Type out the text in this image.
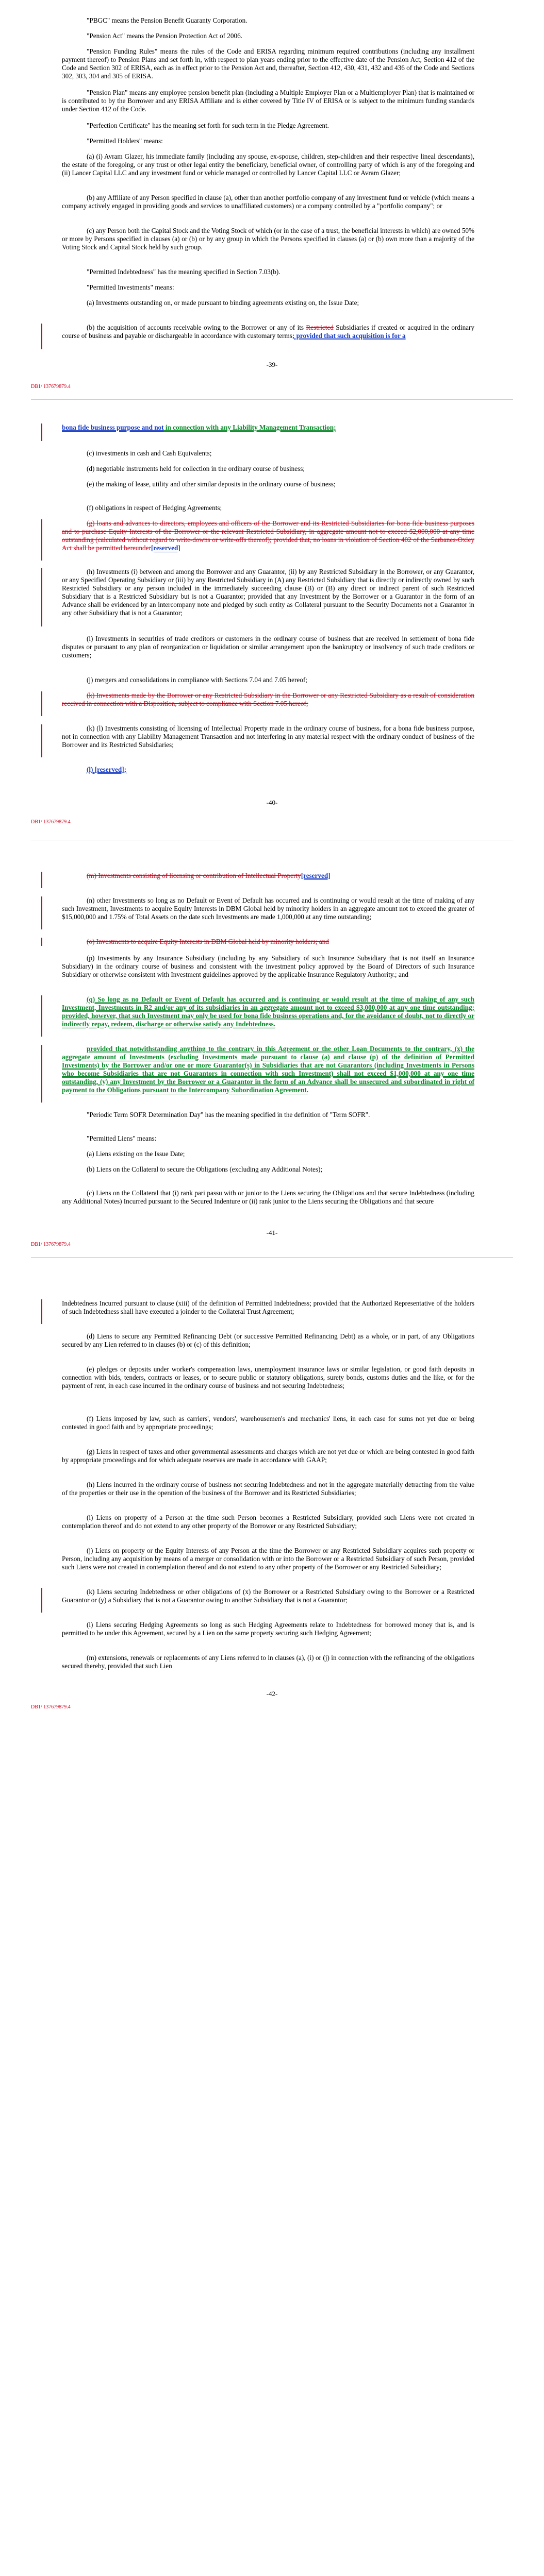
"PBGC" means the Pension Benefit Guaranty Corporation.
"Pension Act" means the Pension Protection Act of 2006.
"Pension Funding Rules" means the rules of the Code and ERISA regarding minimum required contributions (including any installment payment thereof) to Pension Plans and set forth in, with respect to plan years ending prior to the effective date of the Pension Act, Section 412 of the Code and Section 302 of ERISA, each as in effect prior to the Pension Act and, thereafter, Section 412, 430, 431, 432 and 436 of the Code and Sections 302, 303, 304 and 305 of ERISA.
"Pension Plan" means any employee pension benefit plan (including a Multiple Employer Plan or a Multiemployer Plan) that is maintained or is contributed to by the Borrower and any ERISA Affiliate and is either covered by Title IV of ERISA or is subject to the minimum funding standards under Section 412 of the Code.
"Perfection Certificate" has the meaning set forth for such term in the Pledge Agreement.
"Permitted Holders" means:
(a) (i) Avram Glazer, his immediate family (including any spouse, ex-spouse, children, step-children and their respective lineal descendants), the estate of the foregoing, or any trust or other legal entity the beneficiary, beneficial owner, of controlling party of which is any of the foregoing and (ii) Lancer Capital LLC and any investment fund or vehicle managed or controlled by Lancer Capital LLC or Avram Glazer;
(b) any Affiliate of any Person specified in clause (a), other than another portfolio company of any investment fund or vehicle (which means a company actively engaged in providing goods and services to unaffiliated customers) or a company controlled by a "portfolio company"; or
(c) any Person both the Capital Stock and the Voting Stock of which (or in the case of a trust, the beneficial interests in which) are owned 50% or more by Persons specified in clauses (a) or (b) or by any group in which the Persons specified in clauses (a) or (b) own more than a majority of the Voting Stock and Capital Stock held by such group.
"Permitted Indebtedness" has the meaning specified in Section 7.03(b).
"Permitted Investments" means:
(a) Investments outstanding on, or made pursuant to binding agreements existing on, the Issue Date;
(b) the acquisition of accounts receivable owing to the Borrower or any of its Restricted Subsidiaries if created or acquired in the ordinary course of business and payable or dischargeable in accordance with customary terms; provided that such acquisition is for a
-39-
DB1/ 137679879.4
bona fide business purpose and not in connection with any Liability Management Transaction;
(c) investments in cash and Cash Equivalents;
(d) negotiable instruments held for collection in the ordinary course of business;
(e) the making of lease, utility and other similar deposits in the ordinary course of business;
(f) obligations in respect of Hedging Agreements;
(g) loans and advances to directors, employees and officers of the Borrower and its Restricted Subsidiaries for bona fide business purposes and to purchase Equity Interests of the Borrower or the relevant Restricted Subsidiary, in aggregate amount not to exceed $2,000,000 at any time outstanding (calculated without regard to write-downs or write-offs thereof); provided that, no loans in violation of Section 402 of the Sarbanes-Oxley Act shall be permitted hereunder[reserved]
(h) Investments (i) between and among the Borrower and any Guarantor, (ii) by any Restricted Subsidiary in the Borrower, or any Guarantor, or any Specified Operating Subsidiary or (iii) by any Restricted Subsidiary in (A) any Restricted Subsidiary that is directly or indirectly owned by such Restricted Subsidiary or any person included in the immediately succeeding clause (B) or (B) any direct or indirect parent of such Restricted Subsidiary that is a Restricted Subsidiary but is not a Guarantor; provided that any Investment by the Borrower or a Guarantor in the form of an Advance shall be evidenced by an intercompany note and pledged by such entity as Collateral pursuant to the Security Documents not a Guarantor in any other Subsidiary that is not a Guarantor;
(i) Investments in securities of trade creditors or customers in the ordinary course of business that are received in settlement of bona fide disputes or pursuant to any plan of reorganization or liquidation or similar arrangement upon the bankruptcy or insolvency of such trade creditors or customers;
(j) mergers and consolidations in compliance with Sections 7.04 and 7.05 hereof;
(k) Investments made by the Borrower or any Restricted Subsidiary in the Borrower or any Restricted Subsidiary as a result of consideration received in connection with a Disposition, subject to compliance with Section 7.05 hereof;
(k) (l) Investments consisting of licensing of Intellectual Property made in the ordinary course of business, for a bona fide business purpose, not in connection with any Liability Management Transaction and not interfering in any material respect with the ordinary conduct of business of the Borrower and its Restricted Subsidiaries;
(l) [reserved];
-40-
DB1/ 137679879.4
(m) Investments consisting of licensing or contribution of Intellectual Property[reserved]
(n) other Investments so long as no Default or Event of Default has occurred and is continuing or would result at the time of making of any such Investment, Investments to acquire Equity Interests in DBM Global held by minority holders in an aggregate amount not to exceed the greater of $15,000,000 and 1.75% of Total Assets on the date such Investments are made 1,000,000 at any time outstanding;
(o) Investments to acquire Equity Interests in DBM Global held by minority holders; and
(p) Investments by any Insurance Subsidiary (including by any Subsidiary of such Insurance Subsidiary that is not itself an Insurance Subsidiary) in the ordinary course of business and consistent with the investment policy approved by the Board of Directors of such Insurance Subsidiary or otherwise consistent with Investment guidelines approved by the applicable Insurance Regulatory Authority.; and
(q) So long as no Default or Event of Default has occurred and is continuing or would result at the time of making of any such Investment, Investments in R2 and/or any of its subsidiaries in an aggregate amount not to exceed $3,000,000 at any one time outstanding; provided, however, that such Investment may only be used for bona fide business operations and, for the avoidance of doubt, not to directly or indirectly repay, redeem, discharge or otherwise satisfy any Indebtedness.
provided that notwithstanding anything to the contrary in this Agreement or the other Loan Documents to the contrary, (x) the aggregate amount of Investments (excluding Investments made pursuant to clause (a) and clause (p) of the definition of Permitted Investments) by the Borrower and/or one or more Guarantor(s) in Subsidiaries that are not Guarantors (including Investments in Persons who become Subsidiaries that are not Guarantors in connection with such Investment) shall not exceed $1,000,000 at any one time outstanding, (y) any Investment by the Borrower or a Guarantor in the form of an Advance shall be unsecured and subordinated in right of payment to the Obligations pursuant to the Intercompany Subordination Agreement.
"Periodic Term SOFR Determination Day" has the meaning specified in the definition of "Term SOFR".
"Permitted Liens" means:
(a) Liens existing on the Issue Date;
(b) Liens on the Collateral to secure the Obligations (excluding any Additional Notes);
(c) Liens on the Collateral that (i) rank pari passu with or junior to the Liens securing the Obligations and that secure Indebtedness (including any Additional Notes) Incurred pursuant to the Secured Indenture or (ii) rank junior to the Liens securing the Obligations and that secure
-41-
DB1/ 137679879.4
Indebtedness Incurred pursuant to clause (xiii) of the definition of Permitted Indebtedness; provided that the Authorized Representative of the holders of such Indebtedness shall have executed a joinder to the Collateral Trust Agreement;
(d) Liens to secure any Permitted Refinancing Debt (or successive Permitted Refinancing Debt) as a whole, or in part, of any Obligations secured by any Lien referred to in clauses (b) or (c) of this definition;
(e) pledges or deposits under worker's compensation laws, unemployment insurance laws or similar legislation, or good faith deposits in connection with bids, tenders, contracts or leases, or to secure public or statutory obligations, surety bonds, customs duties and the like, or for the payment of rent, in each case incurred in the ordinary course of business and not securing Indebtedness;
(f) Liens imposed by law, such as carriers', vendors', warehousemen's and mechanics' liens, in each case for sums not yet due or being contested in good faith and by appropriate proceedings;
(g) Liens in respect of taxes and other governmental assessments and charges which are not yet due or which are being contested in good faith by appropriate proceedings and for which adequate reserves are made in accordance with GAAP;
(h) Liens incurred in the ordinary course of business not securing Indebtedness and not in the aggregate materially detracting from the value of the properties or their use in the operation of the business of the Borrower and its Restricted Subsidiaries;
(i) Liens on property of a Person at the time such Person becomes a Restricted Subsidiary, provided such Liens were not created in contemplation thereof and do not extend to any other property of the Borrower or any Restricted Subsidiary;
(j) Liens on property or the Equity Interests of any Person at the time the Borrower or any Restricted Subsidiary acquires such property or Person, including any acquisition by means of a merger or consolidation with or into the Borrower or a Restricted Subsidiary of such Person, provided such Liens were not created in contemplation thereof and do not extend to any other property of the Borrower or any Restricted Subsidiary;
(k) Liens securing Indebtedness or other obligations of (x) the Borrower or a Restricted Subsidiary owing to the Borrower or a Restricted Guarantor or (y) a Subsidiary that is not a Guarantor owing to another Subsidiary that is not a Guarantor;
(l) Liens securing Hedging Agreements so long as such Hedging Agreements relate to Indebtedness for borrowed money that is, and is permitted to be under this Agreement, secured by a Lien on the same property securing such Hedging Agreement;
(m) extensions, renewals or replacements of any Liens referred to in clauses (a), (i) or (j) in connection with the refinancing of the obligations secured thereby, provided that such Lien
-42-
DB1/ 137679879.4
